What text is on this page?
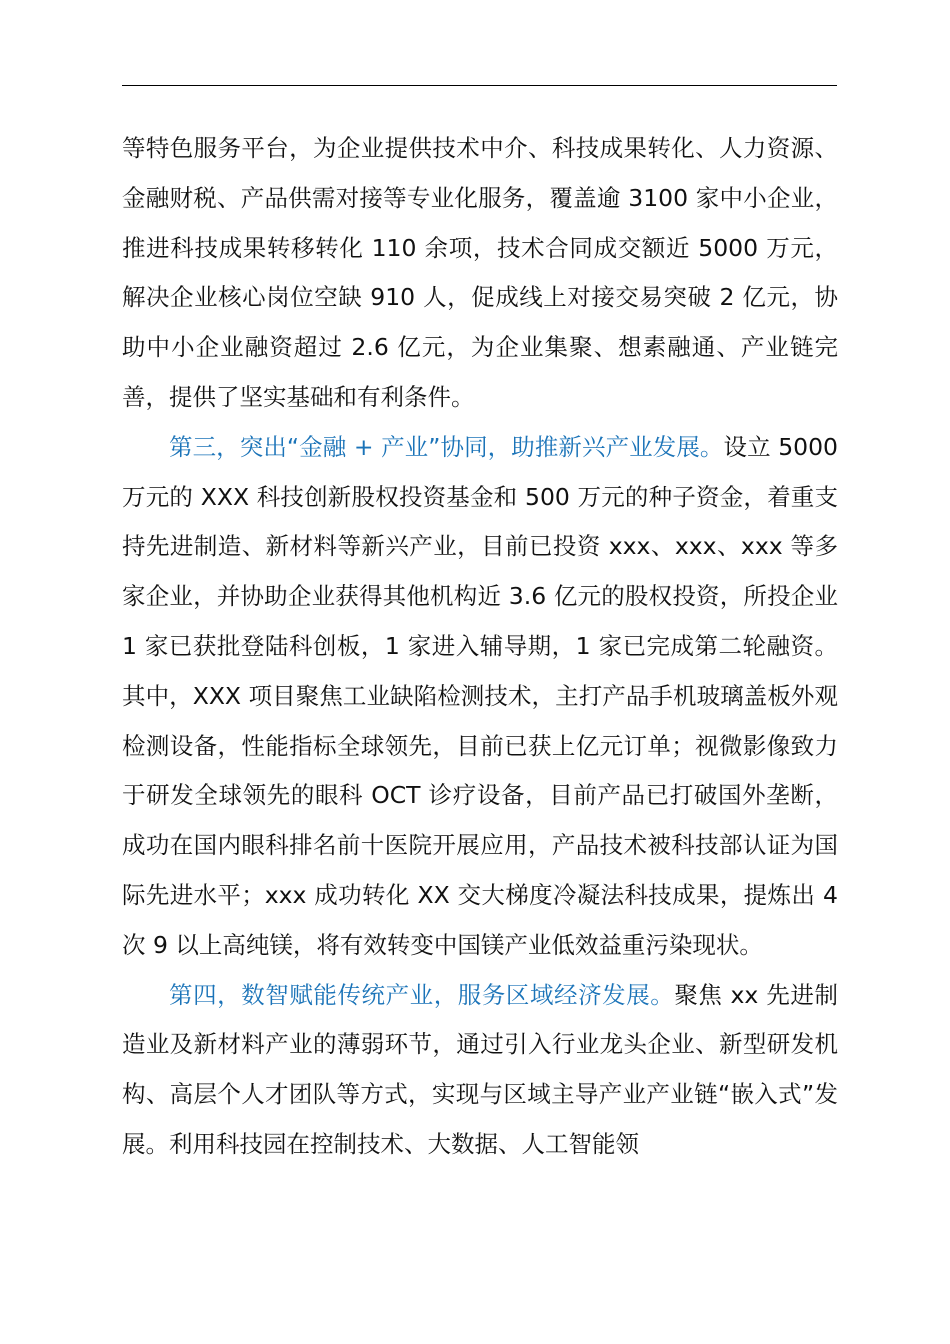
等特色服务平台，为企业提供技术中介、科技成果转化、人力资源、金融财税、产品供需对接等专业化服务，覆盖逾 3100 家中小企业，推进科技成果转移转化 110 余项，技术合同成交额近 5000 万元，解决企业核心岗位空缺 910 人，促成线上对接交易突破 2 亿元，协助中小企业融资超过 2.6 亿元，为企业集聚、想素融通、产业链完善，提供了坚实基础和有利条件。

第三，突出“金融 + 产业”协同，助推新兴产业发展。设立 5000 万元的 XXX 科技创新股权投资基金和 500 万元的种子资金，着重支持先进制造、新材料等新兴产业，目前已投资 xxx、xxx、xxx 等多家企业，并协助企业获得其他机构近 3.6 亿元的股权投资，所投企业 1 家已获批登陆科创板，1 家进入辅导期，1 家已完成第二轮融资。其中，XXX 项目聚焦工业缺陷检测技术，主打产品手机玻璃盖板外观检测设备，性能指标全球领先，目前已获上亿元订单；视微影像致力于研发全球领先的眼科 OCT 诊疗设备，目前产品已打破国外垄断，成功在国内眼科排名前十医院开展应用，产品技术被科技部认证为国际先进水平；xxx 成功转化 XX 交大梯度冷凝法科技成果，提炼出 4 次 9 以上高纯镁，将有效转变中国镁产业低效益重污染现状。

第四，数智赋能传统产业，服务区域经济发展。聚焦 xx 先进制造业及新材料产业的薄弱环节，通过引入行业龙头企业、新型研发机构、高层个人才团队等方式，实现与区域主导产业产业链“嵌入式”发展。利用科技园在控制技术、大数据、人工智能领
